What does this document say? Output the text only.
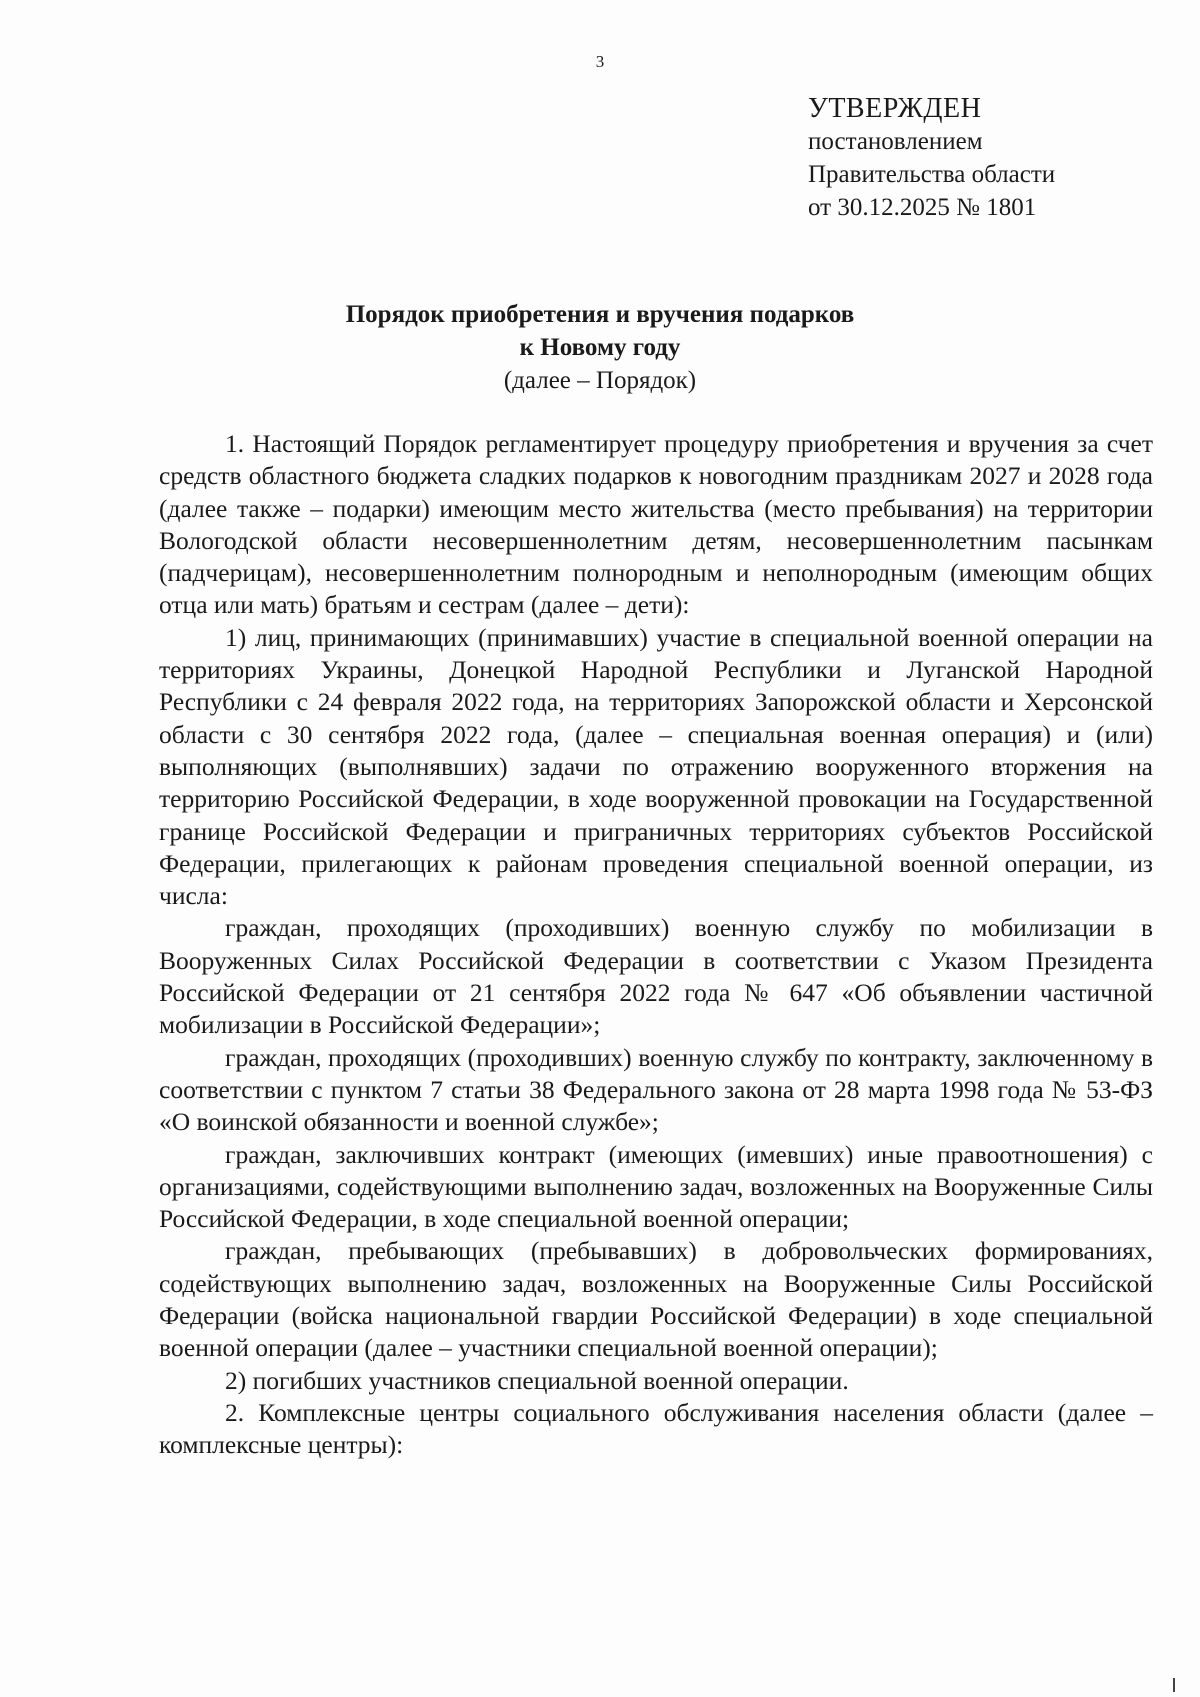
3
УТВЕРЖДЕН
постановлением
Правительства области
от 30.12.2025 № 1801
Порядок приобретения и вручения подарков
к Новому году
(далее – Порядок)

1. Настоящий Порядок регламентирует процедуру приобретения и вручения за счет средств областного бюджета сладких подарков к новогодним праздникам 2027 и 2028 года (далее также – подарки) имеющим место жительства (место пребывания) на территории Вологодской области несовершеннолетним детям, несовершеннолетним пасынкам (падчерицам), несовершеннолетним полнородным и неполнородным (имеющим общих отца или мать) братьям и сестрам (далее – дети):

1) лиц, принимающих (принимавших) участие в специальной военной операции на территориях Украины, Донецкой Народной Республики и Луганской Народной Республики с 24 февраля 2022 года, на территориях Запорожской области и Херсонской области с 30 сентября 2022 года, (далее – специальная военная операция) и (или) выполняющих (выполнявших) задачи по отражению вооруженного вторжения на территорию Российской Федерации, в ходе вооруженной провокации на Государственной границе Российской Федерации и приграничных территориях субъектов Российской Федерации, прилегающих к районам проведения специальной военной операции, из числа:

граждан, проходящих (проходивших) военную службу по мобилизации в Вооруженных Силах Российской Федерации в соответствии с Указом Президента Российской Федерации от 21 сентября 2022 года № 647 «Об объявлении частичной мобилизации в Российской Федерации»;

граждан, проходящих (проходивших) военную службу по контракту, заключенному в соответствии с пунктом 7 статьи 38 Федерального закона от 28 марта 1998 года № 53-ФЗ «О воинской обязанности и военной службе»;

граждан, заключивших контракт (имеющих (имевших) иные правоотношения) с организациями, содействующими выполнению задач, возложенных на Вооруженные Силы Российской Федерации, в ходе специальной военной операции;

граждан, пребывающих (пребывавших) в добровольческих формированиях, содействующих выполнению задач, возложенных на Вооруженные Силы Российской Федерации (войска национальной гвардии Российской Федерации) в ходе специальной военной операции (далее – участники специальной военной операции);

2) погибших участников специальной военной операции.

2. Комплексные центры социального обслуживания населения области (далее – комплексные центры):
